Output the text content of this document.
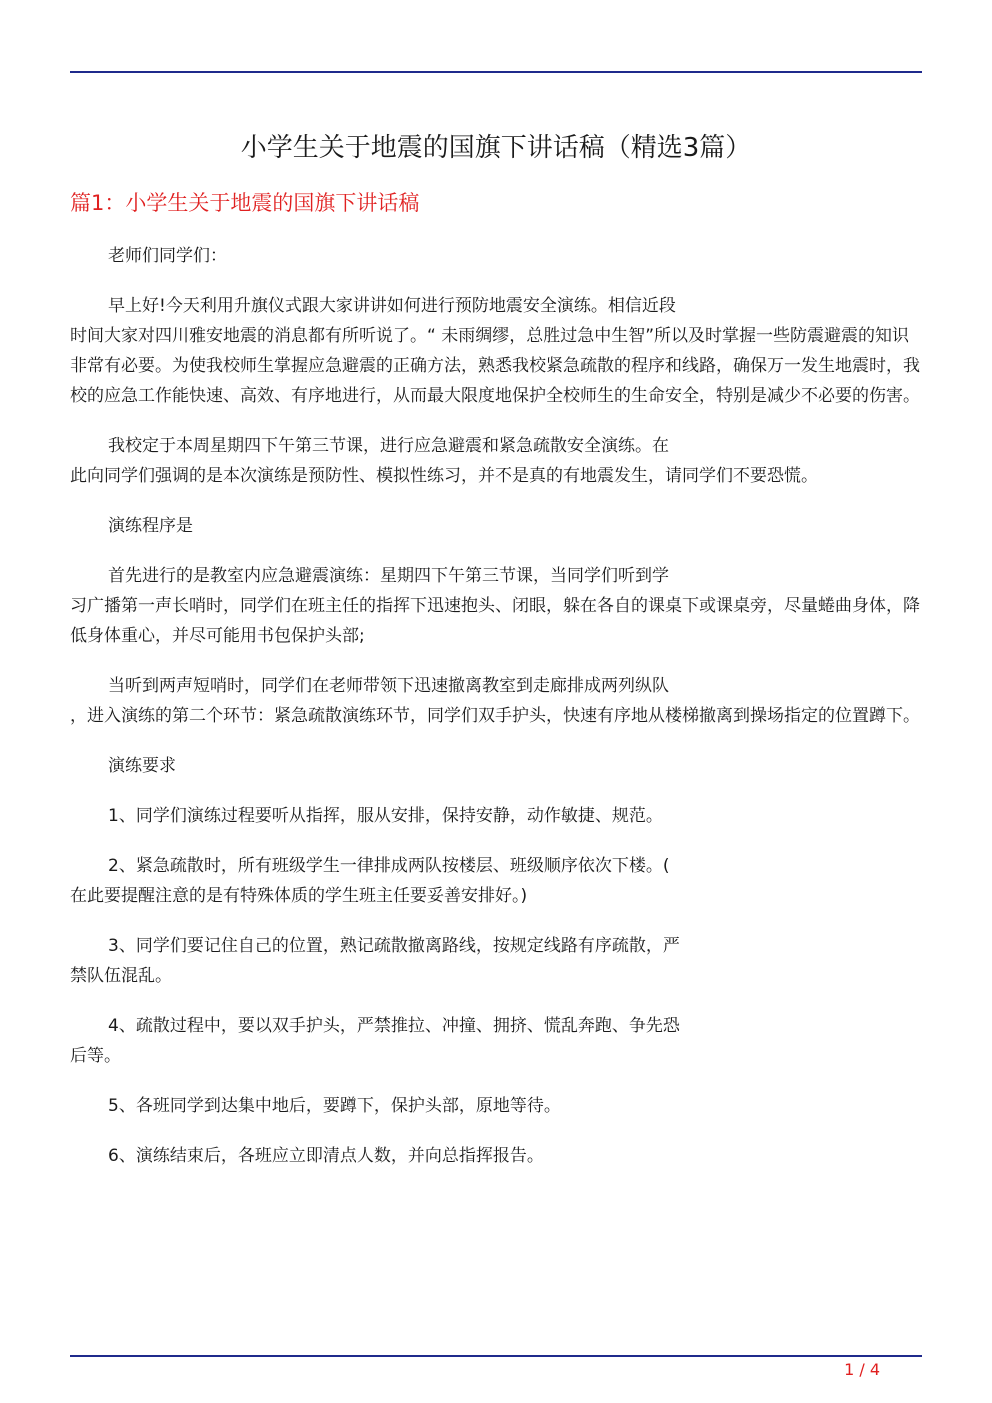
小学生关于地震的国旗下讲话稿（精选3篇）
篇1：小学生关于地震的国旗下讲话稿

老师们同学们：

早上好!今天利用升旗仪式跟大家讲讲如何进行预防地震安全演练。相信近段
时间大家对四川雅安地震的消息都有所听说了。“ 未雨绸缪，总胜过急中生智”所以及时掌握一些防震避震的知识非常有必要。为使我校师生掌握应急避震的正确方法，熟悉我校紧急疏散的程序和线路，确保万一发生地震时，我校的应急工作能快速、高效、有序地进行，从而最大限度地保护全校师生的生命安全，特别是减少不必要的伤害。

我校定于本周星期四下午第三节课，进行应急避震和紧急疏散安全演练。在
此向同学们强调的是本次演练是预防性、模拟性练习，并不是真的有地震发生，请同学们不要恐慌。

演练程序是

首先进行的是教室内应急避震演练：星期四下午第三节课，当同学们听到学
习广播第一声长哨时，同学们在班主任的指挥下迅速抱头、闭眼，躲在各自的课桌下或课桌旁，尽量蜷曲身体，降低身体重心，并尽可能用书包保护头部;

当听到两声短哨时，同学们在老师带领下迅速撤离教室到走廊排成两列纵队
，进入演练的第二个环节：紧急疏散演练环节，同学们双手护头，快速有序地从楼梯撤离到操场指定的位置蹲下。

演练要求

1、同学们演练过程要听从指挥，服从安排，保持安静，动作敏捷、规范。

2、紧急疏散时，所有班级学生一律排成两队按楼层、班级顺序依次下楼。(
在此要提醒注意的是有特殊体质的学生班主任要妥善安排好。)

3、同学们要记住自己的位置，熟记疏散撤离路线，按规定线路有序疏散，严
禁队伍混乱。

4、疏散过程中，要以双手护头，严禁推拉、冲撞、拥挤、慌乱奔跑、争先恐
后等。

5、各班同学到达集中地后，要蹲下，保护头部，原地等待。

6、演练结束后，各班应立即清点人数，并向总指挥报告。

1 / 4
